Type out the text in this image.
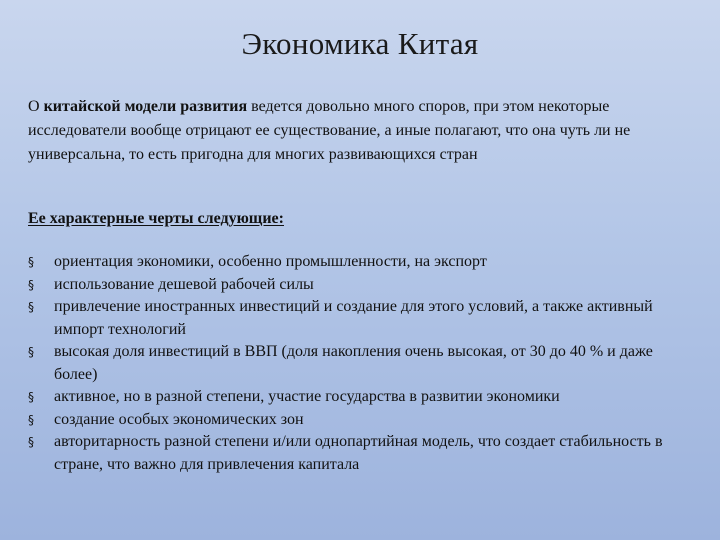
Экономика Китая

О китайской модели развития ведется довольно много споров, при этом некоторые исследователи вообще отрицают ее существование, а иные полагают, что она чуть ли не универсальна, то есть пригодна для многих развивающихся стран

Ее характерные черты следующие:
§	ориентация экономики, особенно промышленности, на экспорт
§	использование дешевой рабочей силы
§	привлечение иностранных инвестиций и создание для этого условий, а также активный импорт технологий
§	высокая доля инвестиций в ВВП (доля накопления очень высокая, от 30 до 40 % и даже более)
§	активное, но в разной степени, участие государства в развитии экономики
§	создание особых экономических зон
§	авторитарность разной степени и/или однопартийная модель, что создает стабильность в стране, что важно для привлечения капитала
